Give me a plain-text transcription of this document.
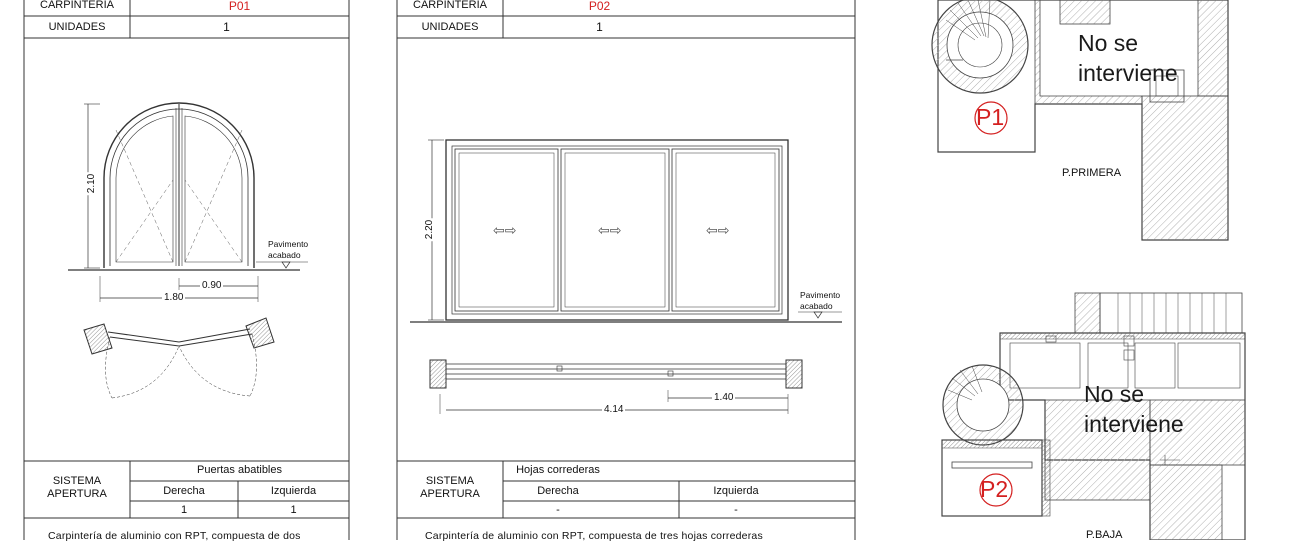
CARPINTERÍA	P01
UNIDADES	1
2.10
0.90
1.80
Pavimento
acabado
SISTEMA
APERTURA
Puertas abatibles
Derecha	Izquierda
1	1
Carpintería de aluminio con RPT, compuesta de dos
CARPINTERÍA	P02
UNIDADES	1
2.20	⇦⇨	⇦⇨	⇦⇨
Pavimento
acabado
1.40
4.14
SISTEMA
APERTURA
Hojas correderas
Derecha	Izquierda
-	-
Carpintería de aluminio con RPT, compuesta de tres hojas correderas
No se
interviene
P1
P.PRIMERA
No se
interviene
P2
P.BAJA
